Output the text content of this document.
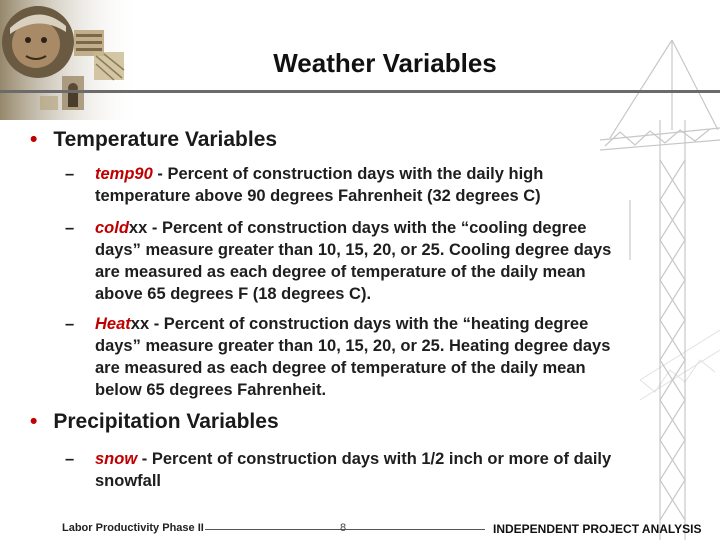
Weather Variables
• Temperature Variables
– temp90 - Percent of construction days with the daily high temperature above 90 degrees Fahrenheit (32 degrees C)
– coldxx - Percent of construction days with the “cooling degree days” measure greater than 10, 15, 20, or 25. Cooling degree days are measured as each degree of temperature of the daily mean above 65 degrees F (18 degrees C).
– Heatxx - Percent of construction days with the “heating degree days” measure greater than 10, 15, 20, or 25. Heating degree days are measured as each degree of temperature of the daily mean below 65 degrees Fahrenheit.
• Precipitation Variables
– snow - Percent of construction days with 1/2 inch or more of daily snowfall
Labor Productivity Phase II	8	INDEPENDENT PROJECT ANALYSIS
